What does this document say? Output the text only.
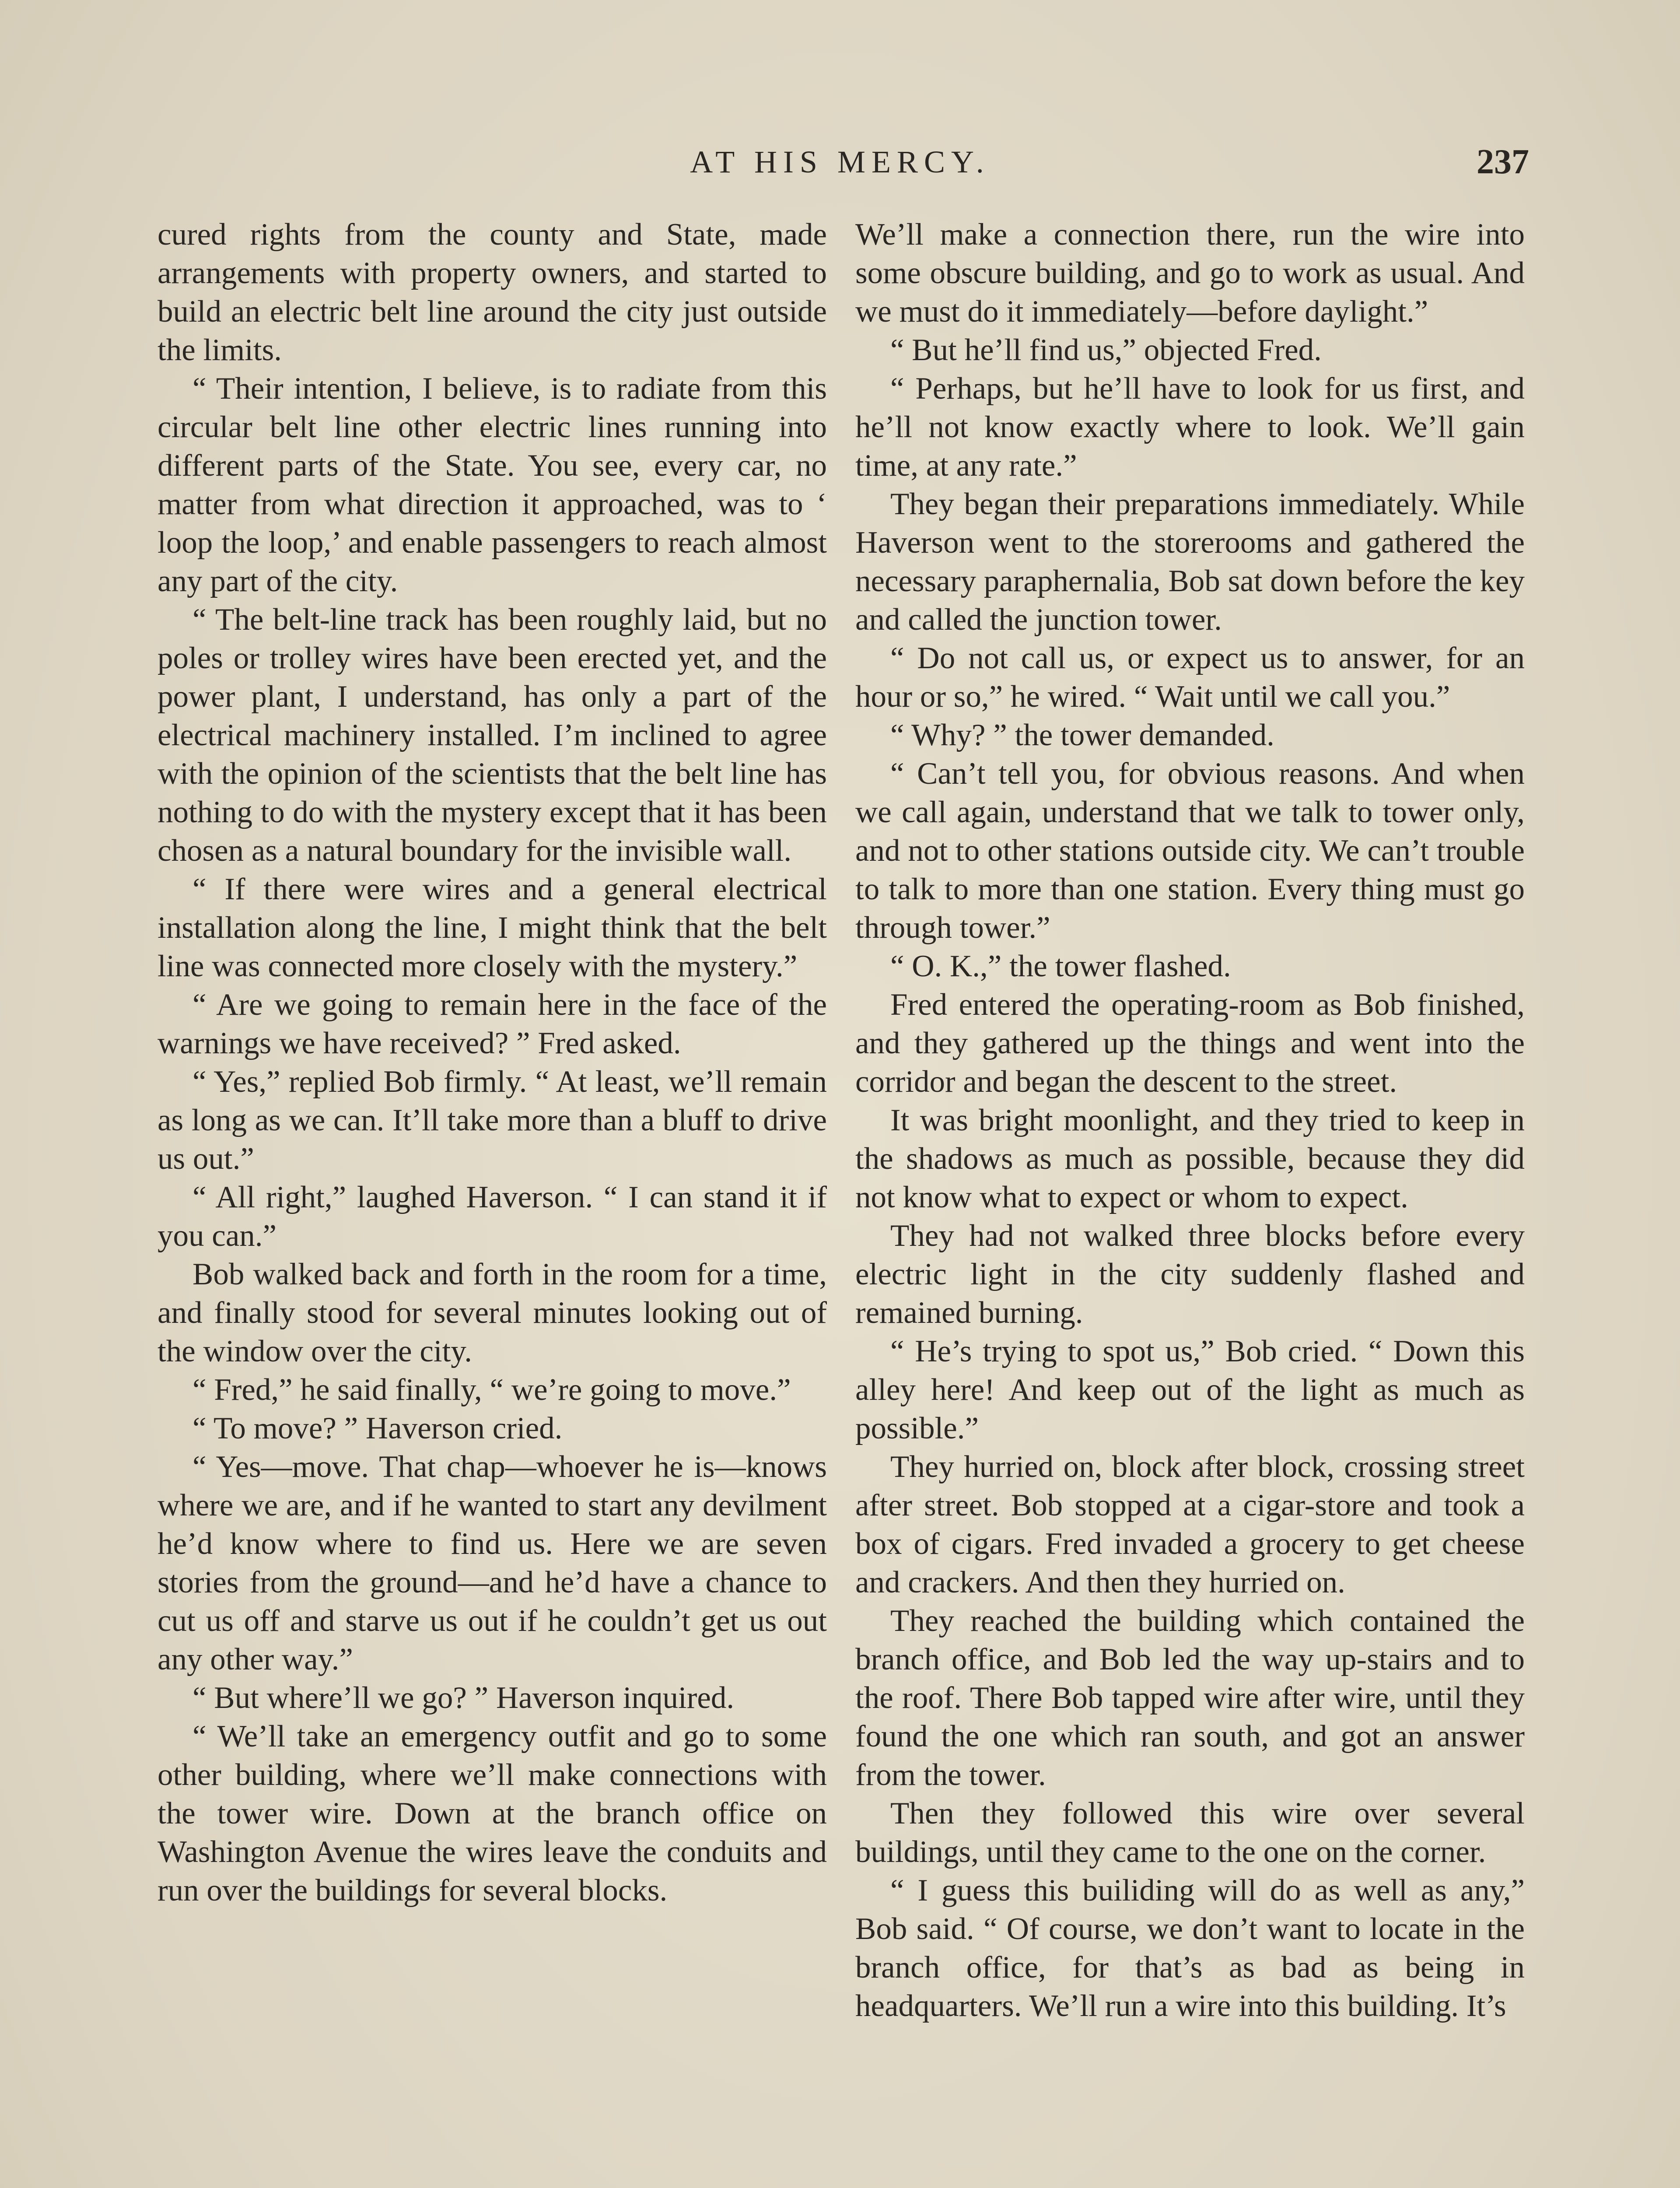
AT HIS MERCY.	237

cured rights from the county and State, made arrangements with property owners, and started to build an electric belt line around the city just outside the limits.

“ Their intention, I believe, is to radiate from this circular belt line other electric lines running into different parts of the State. You see, every car, no matter from what direction it approached, was to ‘ loop the loop,’ and enable passengers to reach almost any part of the city.

“ The belt-line track has been roughly laid, but no poles or trolley wires have been erected yet, and the power plant, I understand, has only a part of the electrical machinery installed. I’m inclined to agree with the opinion of the scientists that the belt line has nothing to do with the mystery except that it has been chosen as a natural boundary for the invisible wall.

“ If there were wires and a general electrical installation along the line, I might think that the belt line was connected more closely with the mystery.”

“ Are we going to remain here in the face of the warnings we have received? ” Fred asked.

“ Yes,” replied Bob firmly. “ At least, we’ll remain as long as we can. It’ll take more than a bluff to drive us out.”

“ All right,” laughed Haverson. “ I can stand it if you can.”

Bob walked back and forth in the room for a time, and finally stood for several minutes looking out of the window over the city.

“ Fred,” he said finally, “ we’re going to move.”

“ To move? ” Haverson cried.

“ Yes—move. That chap—whoever he is—knows where we are, and if he wanted to start any devilment he’d know where to find us. Here we are seven stories from the ground—and he’d have a chance to cut us off and starve us out if he couldn’t get us out any other way.”

“ But where’ll we go? ” Haverson inquired.

“ We’ll take an emergency outfit and go to some other building, where we’ll make connections with the tower wire. Down at the branch office on Washington Avenue the wires leave the conduits and run over the buildings for several blocks.

We’ll make a connection there, run the wire into some obscure building, and go to work as usual. And we must do it immediately—before daylight.”

“ But he’ll find us,” objected Fred.

“ Perhaps, but he’ll have to look for us first, and he’ll not know exactly where to look. We’ll gain time, at any rate.”

They began their preparations immediately. While Haverson went to the storerooms and gathered the necessary paraphernalia, Bob sat down before the key and called the junction tower.

“ Do not call us, or expect us to answer, for an hour or so,” he wired. “ Wait until we call you.”

“ Why? ” the tower demanded.

“ Can’t tell you, for obvious reasons. And when we call again, understand that we talk to tower only, and not to other stations outside city. We can’t trouble to talk to more than one station. Every thing must go through tower.”

“ O. K.,” the tower flashed.

Fred entered the operating-room as Bob finished, and they gathered up the things and went into the corridor and began the descent to the street.

It was bright moonlight, and they tried to keep in the shadows as much as possible, because they did not know what to expect or whom to expect.

They had not walked three blocks before every electric light in the city suddenly flashed and remained burning.

“ He’s trying to spot us,” Bob cried. “ Down this alley here! And keep out of the light as much as possible.”

They hurried on, block after block, crossing street after street. Bob stopped at a cigar-store and took a box of cigars. Fred invaded a grocery to get cheese and crackers. And then they hurried on.

They reached the building which contained the branch office, and Bob led the way up-stairs and to the roof. There Bob tapped wire after wire, until they found the one which ran south, and got an answer from the tower.

Then they followed this wire over several buildings, until they came to the one on the corner.

“ I guess this builiding will do as well as any,” Bob said. “ Of course, we don’t want to locate in the branch office, for that’s as bad as being in headquarters. We’ll run a wire into this building. It’s
